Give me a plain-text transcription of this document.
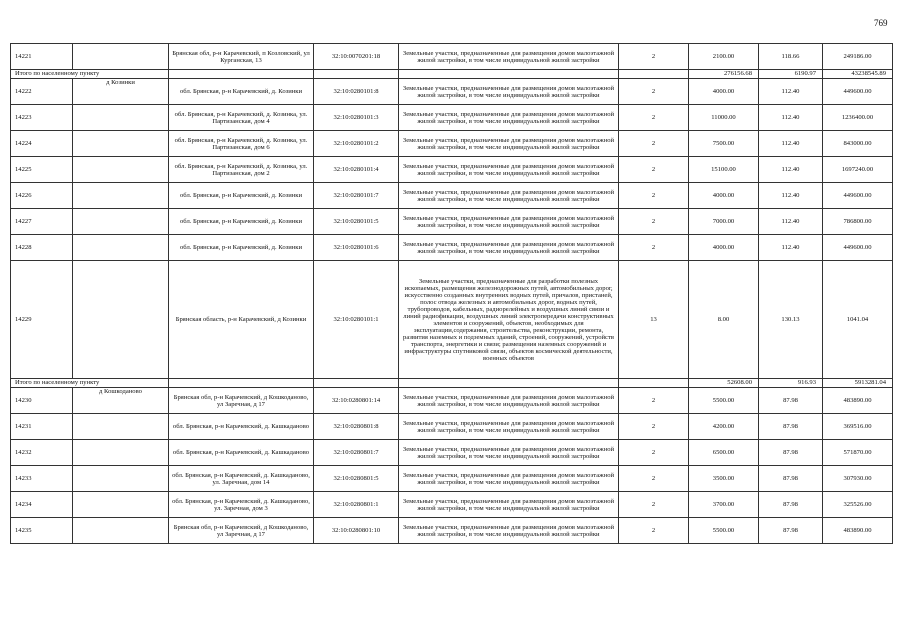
769
14221		Брянская обл, р-н Карачевский, п Козловский, ул Курганская, 13	32:10:0070201:18	Земельные участки, предназначенные для размещения домов малоэтажной жилой застройки, в том числе индивидуальной жилой застройки	2	2100.00	118.66	249186.00
Итого по населенному пункту						276156.68	6190.97	43238545.89
14222	д Козинки	обл. Брянская, р-н Карачевский, д. Козинки	32:10:0280101:8	Земельные участки, предназначенные для размещения домов малоэтажной жилой застройки, в том числе индивидуальной жилой застройки	2	4000.00	112.40	449600.00
14223		обл. Брянская, р-н Карачевский, д. Козинка, ул. Партизанская, дом 4	32:10:0280101:3	Земельные участки, предназначенные для размещения домов малоэтажной жилой застройки, в том числе индивидуальной жилой застройки	2	11000.00	112.40	1236400.00
14224		обл. Брянская, р-н Карачевский, д. Козинка, ул. Партизанская, дом 6	32:10:0280101:2	Земельные участки, предназначенные для размещения домов малоэтажной жилой застройки, в том числе индивидуальной жилой застройки	2	7500.00	112.40	843000.00
14225		обл. Брянская, р-н Карачевский, д. Козинка, ул. Партизанская, дом 2	32:10:0280101:4	Земельные участки, предназначенные для размещения домов малоэтажной жилой застройки, в том числе индивидуальной жилой застройки	2	15100.00	112.40	1697240.00
14226		обл. Брянская, р-н Карачевский, д. Козинки	32:10:0280101:7	Земельные участки, предназначенные для размещения домов малоэтажной жилой застройки, в том числе индивидуальной жилой застройки	2	4000.00	112.40	449600.00
14227		обл. Брянская, р-н Карачевский, д. Козинки	32:10:0280101:5	Земельные участки, предназначенные для размещения домов малоэтажной жилой застройки, в том числе индивидуальной жилой застройки	2	7000.00	112.40	786800.00
14228		обл. Брянская, р-н Карачевский, д. Козинки	32:10:0280101:6	Земельные участки, предназначенные для размещения домов малоэтажной жилой застройки, в том числе индивидуальной жилой застройки	2	4000.00	112.40	449600.00
14229		Брянская область, р-н Карачевский, д Козинки	32:10:0280101:1	Земельные участки, предназначенные для разработки полезных ископаемых, размещения железнодорожных путей, автомобильных дорог, искусственно созданных внутренних водных путей, причалов, пристаней, полос отвода железных и автомобильных дорог, водных путей, трубопроводов, кабельных, радиорелейных и воздушных линий связи и линий радиофикации, воздушных линий электропередачи конструктивных элементов и сооружений, объектов, необходимых для эксплуатации,содержания, строительства, реконструкции, ремонта, развития наземных и подземных зданий, строений, сооружений, устройств транспорта, энергетики и связи; размещения наземных сооружений и инфраструктуры спутниковой связи, объектов космической деятельности, военных объектов	13	8.00	130.13	1041.04
Итого по населенному пункту						52608.00	916.93	5913281.04
14230	д Кошкоданово	Брянская обл, р-н Карачевский, д Кошкоданово, ул Заречная, д 17	32:10:0280801:14	Земельные участки, предназначенные для размещения домов малоэтажной жилой застройки, в том числе индивидуальной жилой застройки	2	5500.00	87.98	483890.00
14231		обл. Брянская, р-н Карачевский, д. Кашкаданово	32:10:0280801:8	Земельные участки, предназначенные для размещения домов малоэтажной жилой застройки, в том числе индивидуальной жилой застройки	2	4200.00	87.98	369516.00
14232		обл. Брянская, р-н Карачевский, д. Кашкаданово	32:10:0280801:7	Земельные участки, предназначенные для размещения домов малоэтажной жилой застройки, в том числе индивидуальной жилой застройки	2	6500.00	87.98	571870.00
14233		обл. Брянская, р-н Карачевский, д. Кашкаданово, ул. Заречная, дом 14	32:10:0280801:5	Земельные участки, предназначенные для размещения домов малоэтажной жилой застройки, в том числе индивидуальной жилой застройки	2	3500.00	87.98	307930.00
14234		обл. Брянская, р-н Карачевский, д. Кашкаданово, ул. Заречная, дом 3	32:10:0280801:1	Земельные участки, предназначенные для размещения домов малоэтажной жилой застройки, в том числе индивидуальной жилой застройки	2	3700.00	87.98	325526.00
14235		Брянская обл, р-н Карачевский, д Кошкоданово, ул Заречная, д 17	32:10:0280801:10	Земельные участки, предназначенные для размещения домов малоэтажной жилой застройки, в том числе индивидуальной жилой застройки	2	5500.00	87.98	483890.00
